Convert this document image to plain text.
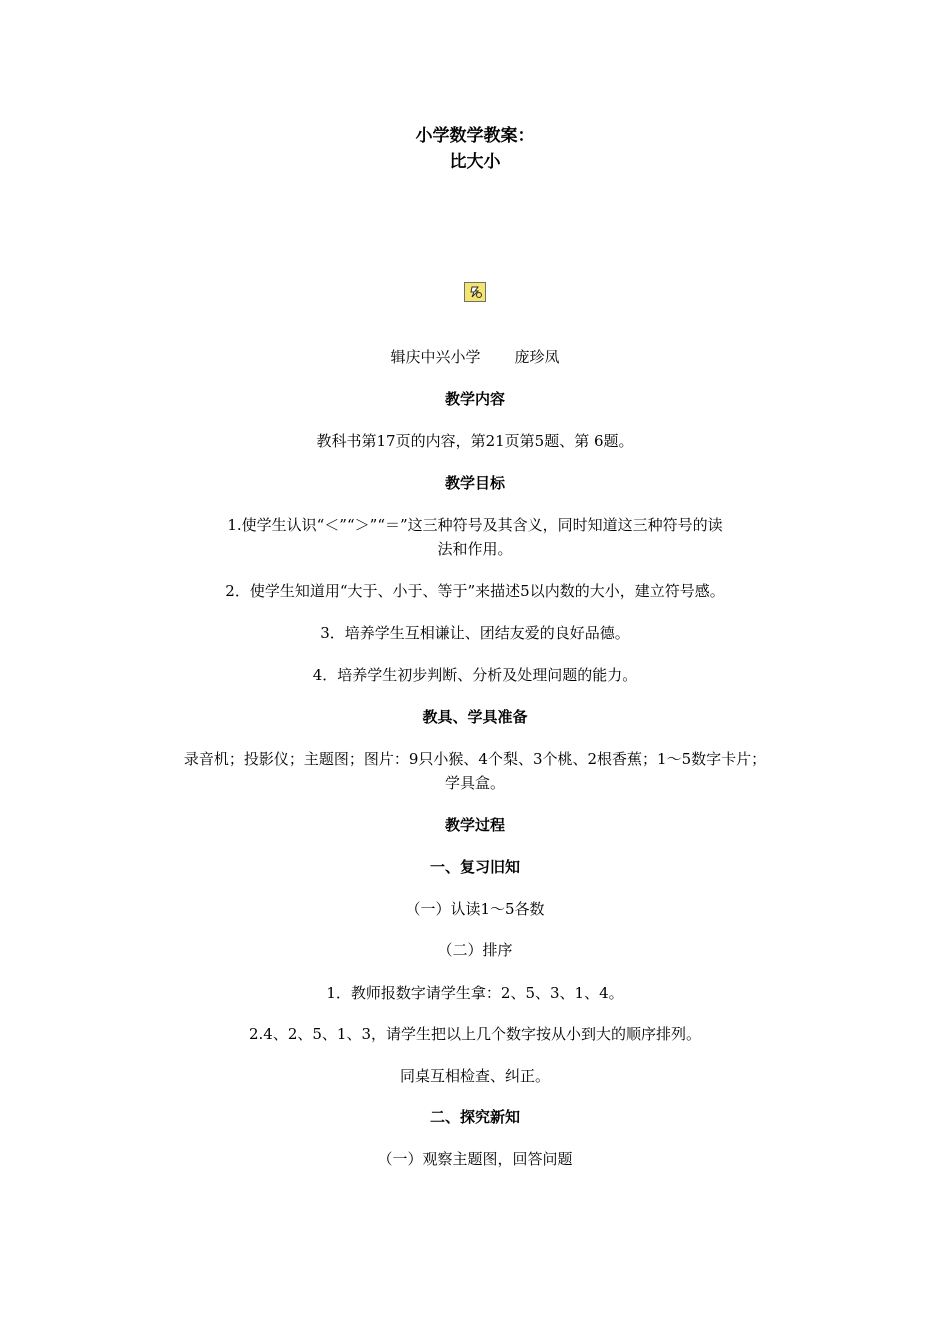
小学数学教案：
比大小
辑庆中兴小学 庞珍凤
教学内容
教科书第17页的内容，第21页第5题、第 6题。
教学目标
1.使学生认识“＜”“＞”“＝”这三种符号及其含义，同时知道这三种符号的读
法和作用。
2．使学生知道用“大于、小于、等于”来描述5以内数的大小，建立符号感。
3．培养学生互相谦让、团结友爱的良好品德。
4．培养学生初步判断、分析及处理问题的能力。
教具、学具准备
录音机；投影仪；主题图；图片：9只小猴、4个梨、3个桃、2根香蕉；1～5数字卡片；
学具盒。
教学过程
一、复习旧知
（一）认读1～5各数
（二）排序
1．教师报数字请学生拿：2、5、3、1、4。
2.4、2、5、1、3，请学生把以上几个数字按从小到大的顺序排列。
同桌互相检查、纠正。
二、探究新知
（一）观察主题图，回答问题
